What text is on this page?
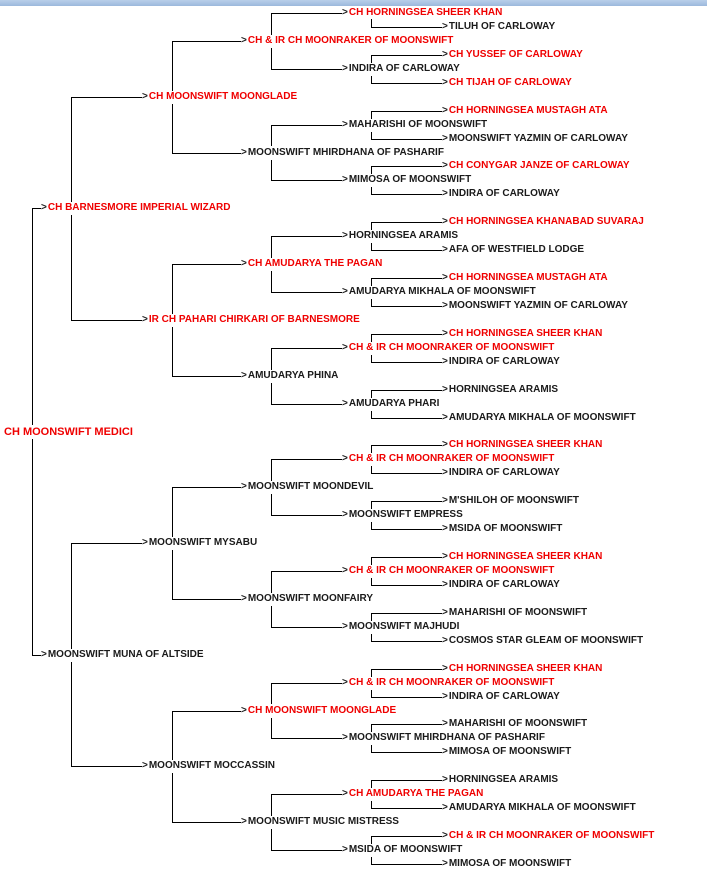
>CH HORNINGSEA SHEER KHAN
>TILUH OF CARLOWAY
>CH & IR CH MOONRAKER OF MOONSWIFT
>CH YUSSEF OF CARLOWAY
>INDIRA OF CARLOWAY
>CH TIJAH OF CARLOWAY
>CH MOONSWIFT MOONGLADE
>CH HORNINGSEA MUSTAGH ATA
>MAHARISHI OF MOONSWIFT
>MOONSWIFT YAZMIN OF CARLOWAY
>MOONSWIFT MHIRDHANA OF PASHARIF
>CH CONYGAR JANZE OF CARLOWAY
>MIMOSA OF MOONSWIFT
>INDIRA OF CARLOWAY
>CH BARNESMORE IMPERIAL WIZARD
>CH HORNINGSEA KHANABAD SUVARAJ
>HORNINGSEA ARAMIS
>AFA OF WESTFIELD LODGE
>CH AMUDARYA THE PAGAN
>CH HORNINGSEA MUSTAGH ATA
>AMUDARYA MIKHALA OF MOONSWIFT
>MOONSWIFT YAZMIN OF CARLOWAY
>IR CH PAHARI CHIRKARI OF BARNESMORE
>CH HORNINGSEA SHEER KHAN
>CH & IR CH MOONRAKER OF MOONSWIFT
>INDIRA OF CARLOWAY
>AMUDARYA PHINA
>HORNINGSEA ARAMIS
>AMUDARYA PHARI
>AMUDARYA MIKHALA OF MOONSWIFT
CH MOONSWIFT MEDICI
>CH HORNINGSEA SHEER KHAN
>CH & IR CH MOONRAKER OF MOONSWIFT
>INDIRA OF CARLOWAY
>MOONSWIFT MOONDEVIL
>M'SHILOH OF MOONSWIFT
>MOONSWIFT EMPRESS
>MSIDA OF MOONSWIFT
>MOONSWIFT MYSABU
>CH HORNINGSEA SHEER KHAN
>CH & IR CH MOONRAKER OF MOONSWIFT
>INDIRA OF CARLOWAY
>MOONSWIFT MOONFAIRY
>MAHARISHI OF MOONSWIFT
>MOONSWIFT MAJHUDI
>COSMOS STAR GLEAM OF MOONSWIFT
>MOONSWIFT MUNA OF ALTSIDE
>CH HORNINGSEA SHEER KHAN
>CH & IR CH MOONRAKER OF MOONSWIFT
>INDIRA OF CARLOWAY
>CH MOONSWIFT MOONGLADE
>MAHARISHI OF MOONSWIFT
>MOONSWIFT MHIRDHANA OF PASHARIF
>MIMOSA OF MOONSWIFT
>MOONSWIFT MOCCASSIN
>HORNINGSEA ARAMIS
>CH AMUDARYA THE PAGAN
>AMUDARYA MIKHALA OF MOONSWIFT
>MOONSWIFT MUSIC MISTRESS
>CH & IR CH MOONRAKER OF MOONSWIFT
>MSIDA OF MOONSWIFT
>MIMOSA OF MOONSWIFT
